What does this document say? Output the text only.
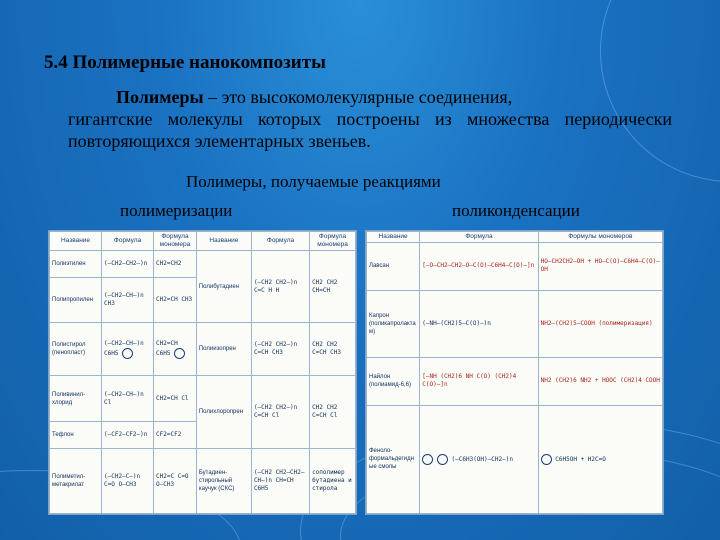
5.4 Полимерные нанокомпозиты
Полимеры – это высокомолекулярные соединения,
гигантские молекулы которых построены из множества периодически повторяющихся элементарных звеньев.
Полимеры, получаемые реакциями
полимеризации	поликонденсации
Название	Формула	Формула мономера	Название	Формула	Формула мономера
Полиэтилен	(–CH2–CH2–)n	CH2=CH2	Полибутадиен	(–CH2 CH2–)n C=C H H	CH2 CH2 CH=CH
Полипропилен	(–CH2–CH–)n CH3	CH2=CH CH3			
Полистирол (пенопласт)	(–CH2–CH–)n C6H5	CH2=CH C6H5	Полиизопрен	(–CH2 CH2–)n C=CH CH3	CH2 CH2 C=CH CH3
Поливинил-хлорид	(–CH2–CH–)n Cl	CH2=CH Cl	Полихлоропрен	(–CH2 CH2–)n C=CH Cl	CH2 CH2 C=CH Cl
Тефлон	(–CF2–CF2–)n	CF2=CF2			
Полиметил-метакрилат	(–CH2–C–)n C=O O–CH3	CH2=C C=O O–CH3	Бутадиен-стирольный каучук (СКС)	(–CH2 CH2–CH2–CH–)n CH=CH C6H5	сополимер бутадиена и стирола
Название	Формула	Формулы мономеров
Лавсан	[–O–CH2–CH2–O–C(O)–C6H4–C(O)–]n	HO–CH2CH2–OH + HO–C(O)–C6H4–C(O)–OH
Капрон (поликапролактам)	(–NH–(CH2)5–C(O)–)n	NH2–(CH2)5–COOH (полимеризация)
Найлон (полиамид-6,6)	[–NH (CH2)6 NH C(O) (CH2)4 C(O)–]n	NH2 (CH2)6 NH2 + HOOC (CH2)4 COOH
Феноло-формальдегидные смолы	(–C6H3(OH)–CH2–)n	C6H5OH + H2C=O
